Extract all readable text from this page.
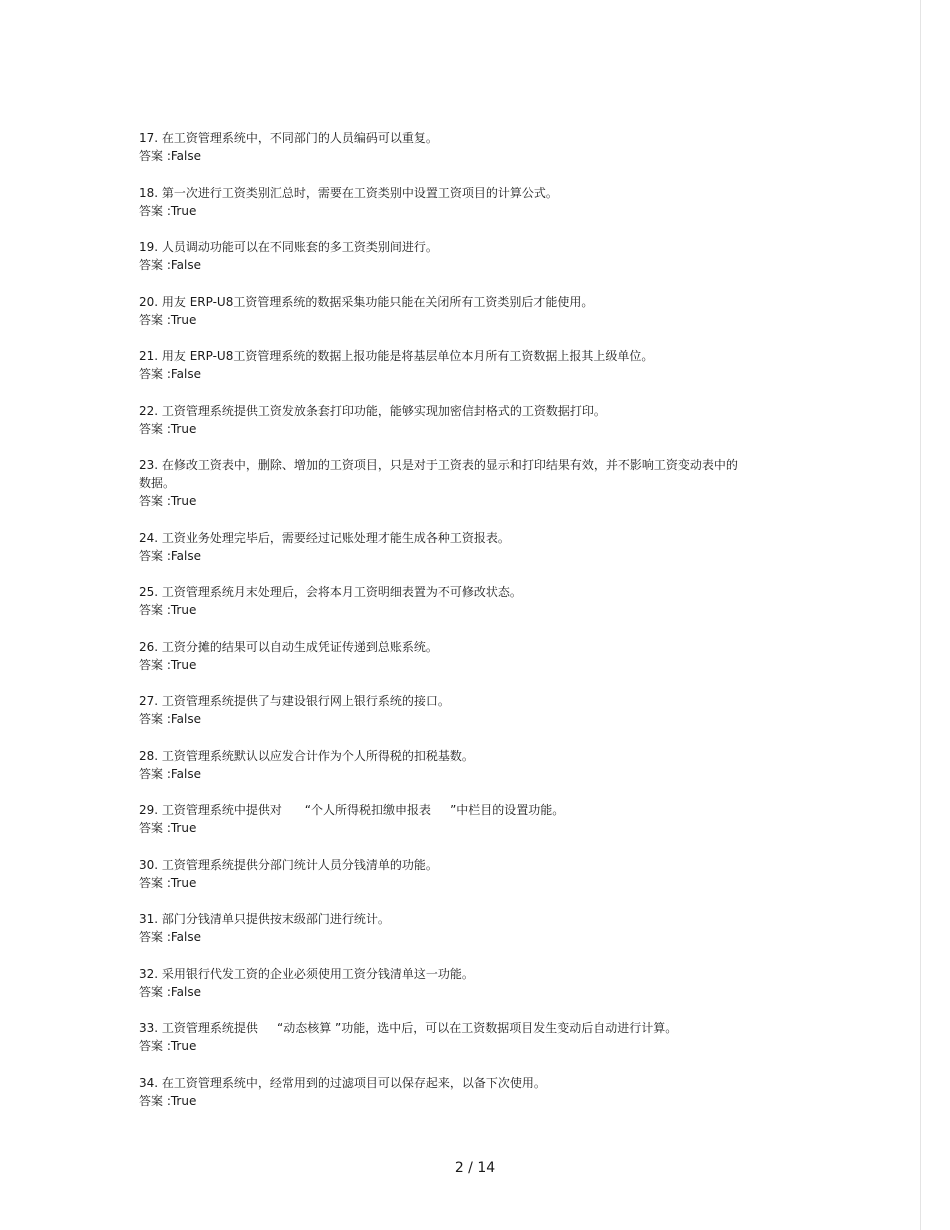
17. 在工资管理系统中，不同部门的人员编码可以重复。
答案 :False
18. 第一次进行工资类别汇总时，需要在工资类别中设置工资项目的计算公式。
答案 :True
19. 人员调动功能可以在不同账套的多工资类别间进行。
答案 :False
20. 用友 ERP-U8工资管理系统的数据采集功能只能在关闭所有工资类别后才能使用。
答案 :True
21. 用友 ERP-U8工资管理系统的数据上报功能是将基层单位本月所有工资数据上报其上级单位。
答案 :False
22. 工资管理系统提供工资发放条套打印功能，能够实现加密信封格式的工资数据打印。
答案 :True
23. 在修改工资表中，删除、增加的工资项目，只是对于工资表的显示和打印结果有效，并不影响工资变动表中的数据。
答案 :True
24. 工资业务处理完毕后，需要经过记账处理才能生成各种工资报表。
答案 :False
25. 工资管理系统月末处理后，会将本月工资明细表置为不可修改状态。
答案 :True
26. 工资分摊的结果可以自动生成凭证传递到总账系统。
答案 :True
27. 工资管理系统提供了与建设银行网上银行系统的接口。
答案 :False
28. 工资管理系统默认以应发合计作为个人所得税的扣税基数。
答案 :False
29. 工资管理系统中提供对      “个人所得税扣缴申报表     ”中栏目的设置功能。
答案 :True
30. 工资管理系统提供分部门统计人员分钱清单的功能。
答案 :True
31. 部门分钱清单只提供按末级部门进行统计。
答案 :False
32. 采用银行代发工资的企业必须使用工资分钱清单这一功能。
答案 :False
33. 工资管理系统提供     “动态核算 ”功能，选中后，可以在工资数据项目发生变动后自动进行计算。
答案 :True
34. 在工资管理系统中，经常用到的过滤项目可以保存起来，以备下次使用。
答案 :True
2 / 14
